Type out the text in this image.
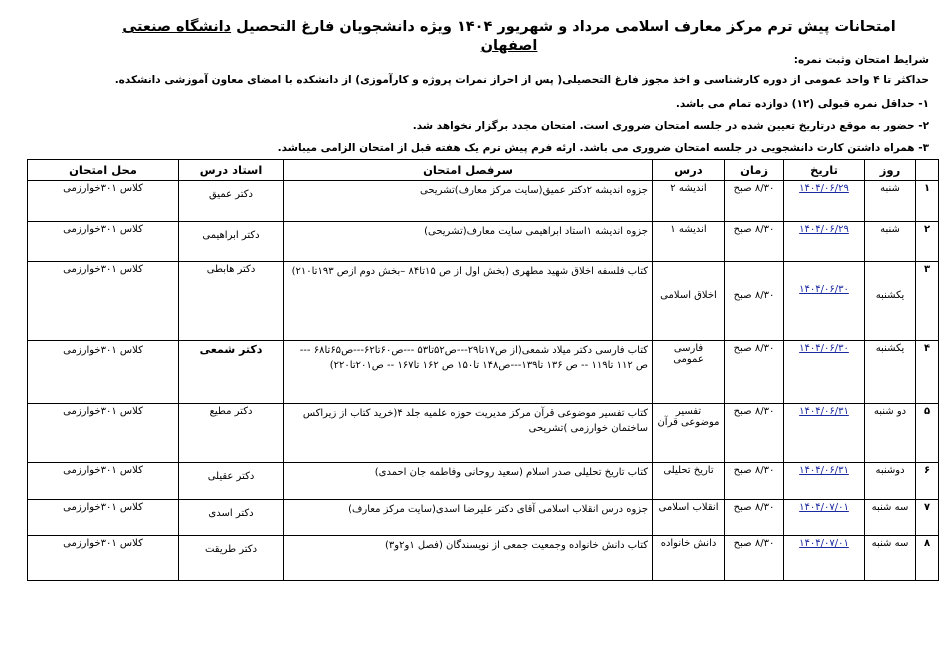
امتحانات پیش ترم مرکز معارف اسلامی مرداد و شهریور ۱۴۰۴ ویژه دانشجویان فارغ التحصیل دانشگاه صنعتی اصفهان
شرایط امتحان وثبت نمره:
حداکثر تا ۴ واحد عمومی از دوره کارشناسی و اخذ مجوز فارغ التحصیلی( پس از احراز نمرات پروژه و کارآموزی) از دانشکده با امضای معاون آموزشی دانشکده.
۱- حداقل نمره قبولی (۱۲) دوازده تمام می باشد.
۲- حضور به موقع درتاریخ تعیین شده در جلسه امتحان ضروری است. امتحان مجدد برگزار نخواهد شد.
۳- همراه داشتن کارت دانشجویی در جلسه امتحان ضروری می باشد. ارئه فرم پیش ترم یک هفته قبل از امتحان الزامی میباشد.
	روز	تاریخ	زمان	درس	سرفصل امتحان	استاد درس	محل امتحان
۱	شنبه	۱۴۰۴/۰۶/۲۹	۸/۳۰ صبح	اندیشه ۲	جزوه اندیشه ۲دکتر عمیق(سایت مرکز معارف)تشریحی	دکتر عمیق	کلاس ۳۰۱خوارزمی
۲	شنبه	۱۴۰۴/۰۶/۲۹	۸/۳۰ صبح	اندیشه ۱	جزوه اندیشه ۱استاد ابراهیمی سایت معارف(تشریحی)	دکتر ابراهیمی	کلاس ۳۰۱خوارزمی
۳	یکشنبه	۱۴۰۴/۰۶/۳۰	۸/۳۰ صبح	اخلاق اسلامی	کتاب فلسفه اخلاق شهید مطهری (بخش اول از ص ۱۵تا۸۴ –بخش دوم ازص ۱۹۳تا۲۱۰)	دکتر هابطی	کلاس ۳۰۱خوارزمی
۴	یکشنبه	۱۴۰۴/۰۶/۳۰	۸/۳۰ صبح	فارسی عمومی	کتاب فارسی دکتر میلاد شمعی(از ص۱۷تا۲۹---ص۵۲تا۵۳ ---ص۶۰تا۶۲---ص۶۵تا۶۸ ---ص ۱۱۲ تا۱۱۹ -- ص ۱۳۶ تا۱۳۹---ص۱۴۸ تا۱۵۰ ص ۱۶۲ تا۱۶۷ -- ص۲۰۱تا۲۲۰)	دکتر شمعی	کلاس ۳۰۱خوارزمی
۵	دو شنبه	۱۴۰۴/۰۶/۳۱	۸/۳۰ صبح	تفسیر موضوعی قرآن	کتاب تفسیر موضوعی قرآن مرکز مدیریت حوزه علمیه جلد ۴(خرید کتاب از زیراکس ساختمان خوارزمی )تشریحی	دکتر مطیع	کلاس ۳۰۱خوارزمی
۶	دوشنبه	۱۴۰۴/۰۶/۳۱	۸/۳۰ صبح	تاریخ تحلیلی	کتاب تاریخ تحلیلی صدر اسلام (سعید روحانی وفاطمه جان احمدی)	دکتر عقیلی	کلاس ۳۰۱خوارزمی
۷	سه شنبه	۱۴۰۴/۰۷/۰۱	۸/۳۰ صبح	انقلاب اسلامی	جزوه درس انقلاب اسلامی آقای دکتر علیرضا اسدی(سایت مرکز معارف)	دکتر اسدی	کلاس ۳۰۱خوارزمی
۸	سه شنبه	۱۴۰۴/۰۷/۰۱	۸/۳۰ صبح	دانش خانواده	کتاب دانش خانواده وجمعیت جمعی از نویسندگان (فصل ۱و۲و۳)	دکتر طریقت	کلاس ۳۰۱خوارزمی
